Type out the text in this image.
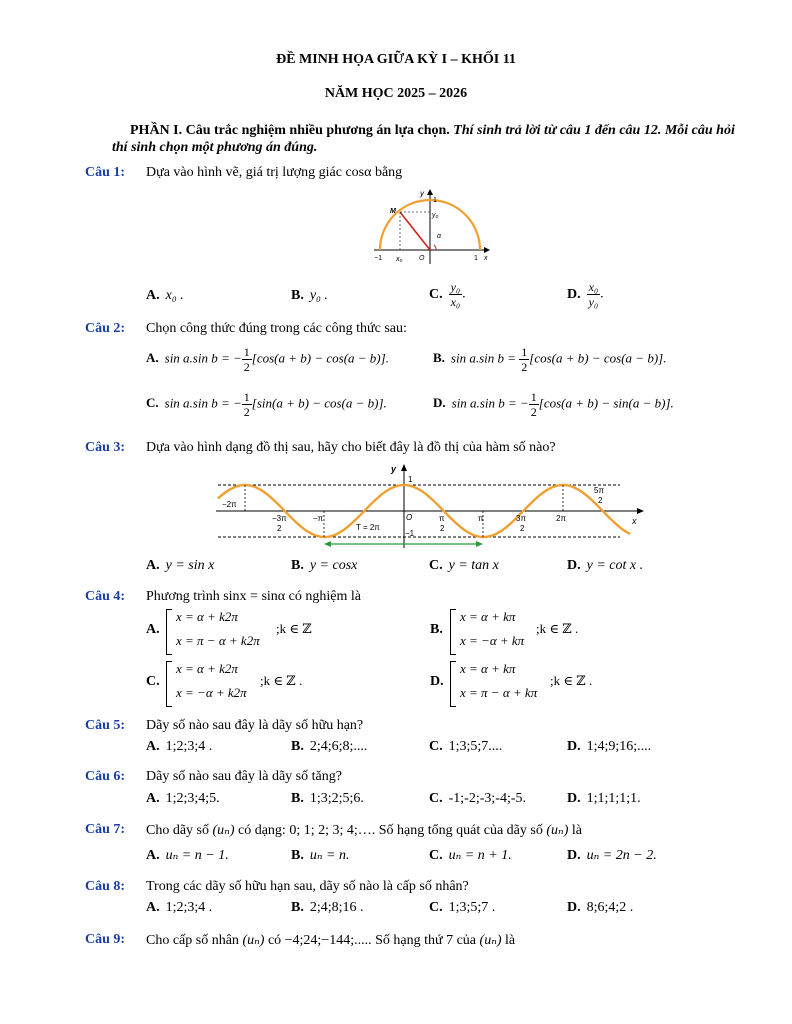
ĐỀ MINH HỌA GIỮA KỲ I – KHỐI 11
NĂM HỌC 2025 – 2026
PHẦN I. Câu trắc nghiệm nhiều phương án lựa chọn. Thí sinh trả lời từ câu 1 đến câu 12. Mỗi câu hỏi thí sinh chọn một phương án đúng.
Câu 1: Dựa vào hình vẽ, giá trị lượng giác cosα bằng
y
1
M
y₀
α
−1 x₀ O	1 x
A. x₀ .	B. y₀ .	C. $\frac{\text{y₀}}{\text{x₀}}$ .	D. $\frac{\text{x₀}}{\text{y₀}}$ .
Câu 2: Chọn công thức đúng trong các công thức sau:
A. sin a.sin b = − $\frac{1}{2} [\cos(a + b) - \cos(a - b)]$.	B. sin a.sin $b = \frac{1}{2} [\cos(a + b) - \cos(a - b)]$.
C. sin a.sin b = − $\frac{1}{2} [\sin(a + b) - \cos(a - b)]$.	D. sin a.sin b = − $\frac{1}{2} [\cos(a + b) - \sin(a - b)]$.
Câu 3: Dựa vào hình dạng đồ thị sau, hãy cho biết đây là đồ thị của hàm số nào?
y
1
−2π
−3π
2
−π	O	π
2
π
T = 2π
−1
3π
2
2π
5π
2
x
A. y = sin x	B. y = cosx	C. y = tan x	D. y = cot x .
Câu 4: Phương trình sinx = sinα có nghiệm là
A.
x = α + k2π
x = π − α + k2π
;k ∈ ℤ	B.
x = α + kπ
x = −α + kπ
;k ∈ ℤ .
C.
x = α + k2π
x = −α + k2π
;k ∈ ℤ .	D.
x = α + kπ
x = π − α + kπ
;k ∈ ℤ .
Câu 5: Dãy số nào sau đây là dãy số hữu hạn?
A. 1;2;3;4 .	B. 2;4;6;8;....	C. 1;3;5;7....	D. 1;4;9;16;....
Câu 6: Dãy số nào sau đây là dãy số tăng?
A. 1;2;3;4;5.	B. 1;3;2;5;6.	C. -1;-2;-3;-4;-5.	D. 1;1;1;1;1.
Câu 7: Cho dãy số (uₙ) có dạng: 0; 1; 2; 3; 4;…. Số hạng tổng quát của dãy số (uₙ) là
A. uₙ = n − 1.	B. uₙ = n.	C. uₙ = n + 1.	D. uₙ = 2n − 2.
Câu 8: Trong các dãy số hữu hạn sau, dãy số nào là cấp số nhân?
A. 1;2;3;4 .	B. 2;4;8;16 .	C. 1;3;5;7 .	D. 8;6;4;2 .
Câu 9: Cho cấp số nhân (uₙ) có −4;24;−144;..... Số hạng thứ 7 của (uₙ) là
